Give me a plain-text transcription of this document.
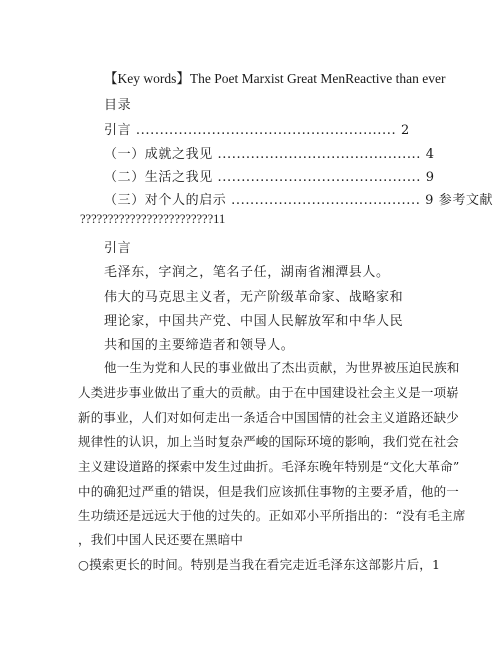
【Key words】The Poet Marxist Great MenReactive than ever
目录
引言 ....................................................... 2
（一）成就之我见 ........................................... 4
（二）生活之我见 ........................................... 9
（三）对个人的启示 ........................................ 9 参考文献
????????????????????????11
引言
毛泽东，字润之，笔名子任，湖南省湘潭县人。
伟大的马克思主义者，无产阶级革命家、战略家和
理论家，中国共产党、中国人民解放军和中华人民
共和国的主要缔造者和领导人。
他一生为党和人民的事业做出了杰出贡献，为世界被压迫民族和
人类进步事业做出了重大的贡献。由于在中国建设社会主义是一项崭
新的事业，人们对如何走出一条适合中国国情的社会主义道路还缺少
规律性的认识，加上当时复杂严峻的国际环境的影响，我们党在社会
主义建设道路的探索中发生过曲折。毛泽东晚年特别是“文化大革命”
中的确犯过严重的错误，但是我们应该抓住事物的主要矛盾，他的一
生功绩还是远远大于他的过失的。正如邓小平所指出的：“没有毛主席
，我们中国人民还要在黑暗中
○摸索更长的时间。特别是当我在看完走近毛泽东这部影片后，1
